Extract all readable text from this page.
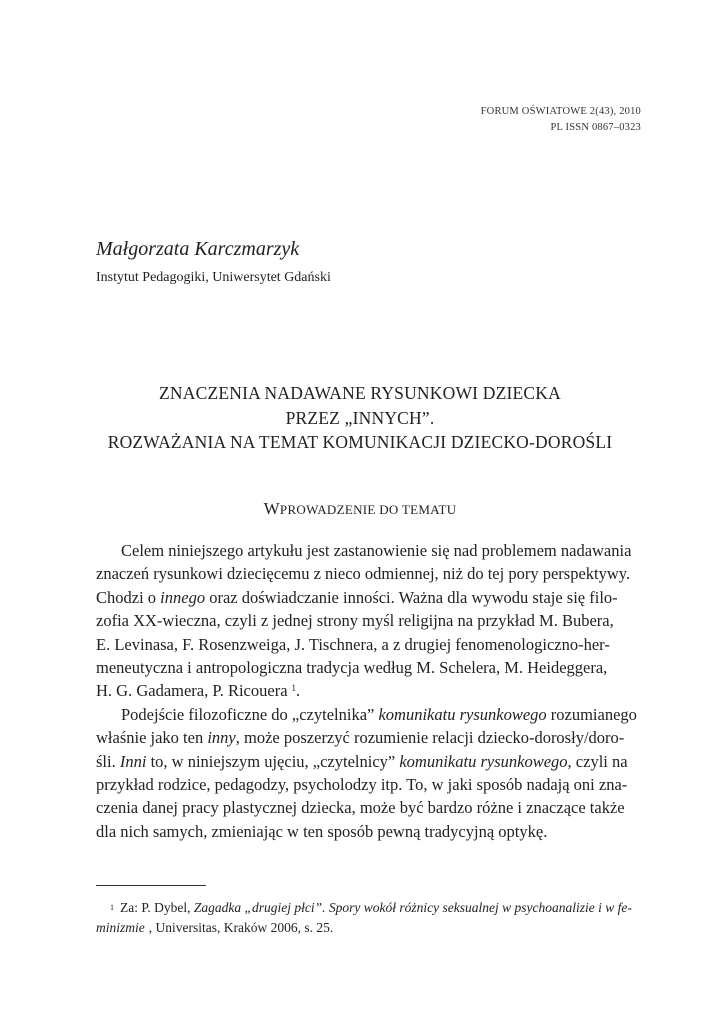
FORUM OŚWIATOWE 2(43), 2010
PL ISSN 0867–0323
Małgorzata Karczmarzyk
Instytut Pedagogiki, Uniwersytet Gdański
ZNACZENIA NADAWANE RYSUNKOWI DZIECKA
PRZEZ „INNYCH”.
ROZWAŻANIA NA TEMAT KOMUNIKACJI DZIECKO-DOROŚLI
WPROWADZENIE DO TEMATU
Celem niniejszego artykułu jest zastanowienie się nad problemem nadawania
znaczeń rysunkowi dziecięcemu z nieco odmiennej, niż do tej pory perspektywy.
Chodzi o innego oraz doświadczanie inności. Ważna dla wywodu staje się filo-
zofia XX-wieczna, czyli z jednej strony myśl religijna na przykład M. Bubera,
E. Levinasa, F. Rosenzweiga, J. Tischnera, a z drugiej fenomenologiczno-her-
meneutyczna i antropologiczna tradycja według M. Schelera, M. Heideggera,
H. G. Gadamera, P. Ricouera $^1$.
Podejście filozoficzne do „czytelnika” komunikatu rysunkowego rozumianego
właśnie jako ten inny, może poszerzyć rozumienie relacji dziecko-dorosły/doro-
śli. Inni to, w niniejszym ujęciu, „czytelnicy” komunikatu rysunkowego, czyli na
przykład rodzice, pedagodzy, psycholodzy itp. To, w jaki sposób nadają oni zna-
czenia danej pracy plastycznej dziecka, może być bardzo różne i znaczące także
dla nich samych, zmieniając w ten sposób pewną tradycyjną optykę.
$^1$ Za: P. Dybel, Zagadka „drugiej płci”. Spory wokół różnicy seksualnej w psychoanalizie i w fe-
minizmie , Universitas, Kraków 2006, s. 25.
